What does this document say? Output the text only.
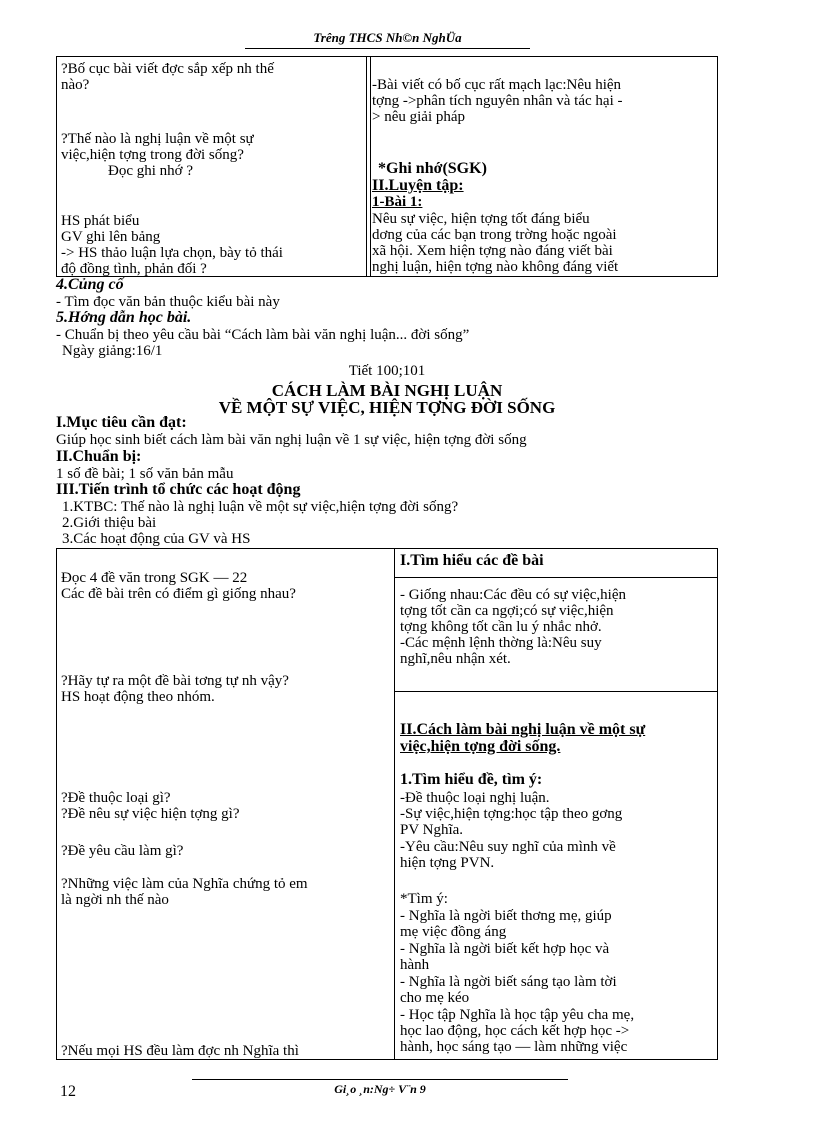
Trêng THCS Nh©n NghÜa
?Bố cục bài viết đợc sắp xếp nh thế
nào?
?Thế nào là nghị luận về một sự
việc,hiện tợng trong đời sống?
Đọc ghi nhớ ?
HS phát biểu
GV ghi lên bảng
-> HS thảo luận lựa chọn, bày tỏ thái
độ đồng tình, phản đối ?
-Bài viết có bố cục rất mạch lạc:Nêu hiện
tợng ->phân tích nguyên nhân và tác hại -
> nêu giải pháp
*Ghi nhớ(SGK)
II.Luyện tập:
1-Bài 1:
Nêu sự việc, hiện tợng tốt đáng biểu
dơng của các bạn trong trờng hoặc ngoài
xã hội. Xem hiện tợng nào đáng viết bài
nghị luận, hiện tợng nào không đáng viết
4.Củng cố
- Tìm đọc văn bản thuộc kiểu bài này
5.Hớng dẫn học bài.
- Chuẩn bị theo yêu cầu bài “Cách làm bài văn nghị luận... đời sống”
Ngày giảng:16/1
Tiết 100;101
CÁCH LÀM BÀI NGHỊ LUẬN
VỀ MỘT SỰ VIỆC, HIỆN TỢNG ĐỜI SỐNG
I.Mục tiêu cần đạt:
Giúp học sinh biết cách làm bài văn nghị luận về 1 sự việc, hiện tợng đời sống
II.Chuẩn bị:
1 số đề bài; 1 số văn bản mẫu
III.Tiến trình tổ chức các hoạt động
1.KTBC: Thế nào là nghị luận về một sự việc,hiện tợng đời sống?
2.Giới thiệu bài
3.Các hoạt động của GV và HS
Đọc 4 đề văn trong SGK — 22
Các đề bài trên có điểm gì giống nhau?
?Hãy tự ra một đề bài tơng tự nh vậy?
HS hoạt động theo nhóm.
?Đề thuộc loại gì?
?Đề nêu sự việc hiện tợng gì?
?Đề yêu cầu làm gì?
?Những việc làm của Nghĩa chứng tỏ em
là ngời nh thế nào
?Nếu mọi HS đều làm đợc nh Nghĩa thì
I.Tìm hiểu các đề bài
- Giống nhau:Các đều có sự việc,hiện
tợng tốt cần ca ngợi;có sự việc,hiện
tợng không tốt cần lu ý nhắc nhở.
-Các mệnh lệnh thờng là:Nêu suy
nghĩ,nêu nhận xét.
II.Cách làm bài nghị luận về một sự
việc,hiện tợng đời sống.
1.Tìm hiểu đề, tìm ý:
-Đề thuộc loại nghị luận.
-Sự việc,hiện tợng:học tập theo gơng
PV Nghĩa.
-Yêu cầu:Nêu suy nghĩ của mình về
hiện tợng PVN.
*Tìm ý:
- Nghĩa là ngời biết thơng mẹ, giúp
mẹ việc đồng áng
- Nghĩa là ngời biết kết hợp học và
hành
- Nghĩa là ngời biết sáng tạo làm tời
cho mẹ kéo
- Học tập Nghĩa là học tập yêu cha mẹ,
học lao động, học cách kết hợp học ->
hành, học sáng tạo — làm những việc
12	Gi¸o ¸n:Ng÷ V¨n 9
